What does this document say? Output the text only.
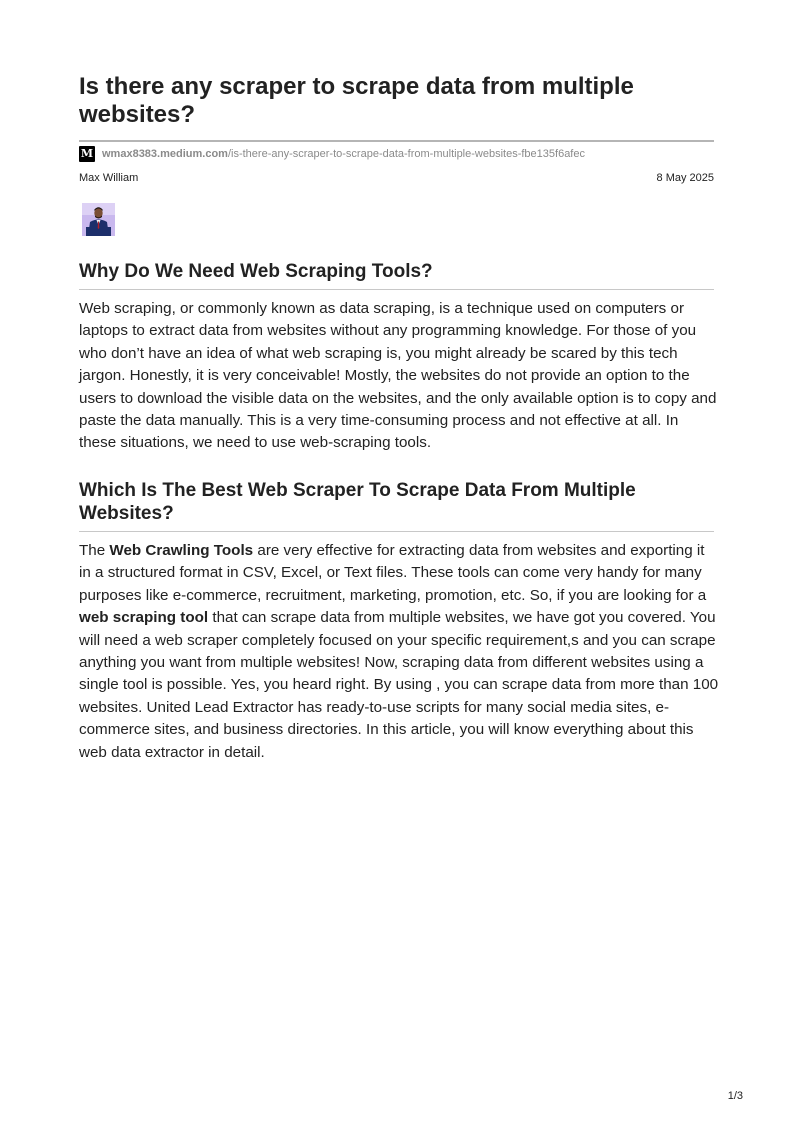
Is there any scraper to scrape data from multiple websites?
M wmax8383.medium.com/is-there-any-scraper-to-scrape-data-from-multiple-websites-fbe135f6afec
Max William	8 May 2025
Why Do We Need Web Scraping Tools?

Web scraping, or commonly known as data scraping, is a technique used on computers or laptops to extract data from websites without any programming knowledge. For those of you who don’t have an idea of what web scraping is, you might already be scared by this tech jargon. Honestly, it is very conceivable! Mostly, the websites do not provide an option to the users to download the visible data on the websites, and the only available option is to copy and paste the data manually. This is a very time-consuming process and not effective at all. In these situations, we need to use web-scraping tools.

Which Is The Best Web Scraper To Scrape Data From Multiple Websites?

The Web Crawling Tools are very effective for extracting data from websites and exporting it in a structured format in CSV, Excel, or Text files. These tools can come very handy for many purposes like e-commerce, recruitment, marketing, promotion, etc. So, if you are looking for a web scraping tool that can scrape data from multiple websites, we have got you covered. You will need a web scraper completely focused on your specific requirement,s and you can scrape anything you want from multiple websites! Now, scraping data from different websites using a single tool is possible. Yes, you heard right. By using , you can scrape data from more than 100 websites. United Lead Extractor has ready-to-use scripts for many social media sites, e-commerce sites, and business directories. In this article, you will know everything about this web data extractor in detail.

1/3
